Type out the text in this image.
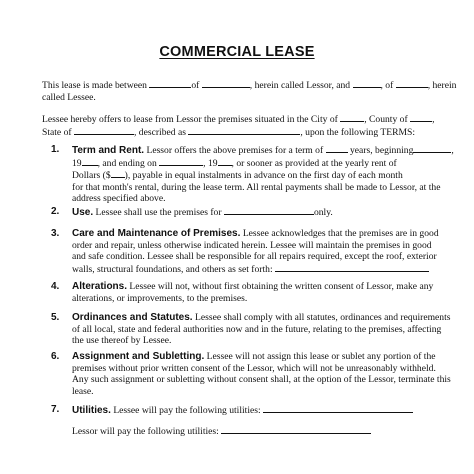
COMMERCIAL LEASE
This lease is made between	of	, herein called Lessor, and	, of	, herein
called Lessee.
Lessee hereby offers to lease from Lessor the premises situated in the City of	, County of	,
State of	, described as	, upon the following TERMS:
1. Term and Rent. Lessor offers the above premises for a term of	years, beginning	,
19 , and ending on	, 19 , or sooner as provided at the yearly rent of
Dollars ($ ), payable in equal instalments in advance on the first day of each month
for that month's rental, during the lease term. All rental payments shall be made to Lessor, at the
address specified above.
2. Use. Lessee shall use the premises for	only.
3. Care and Maintenance of Premises. Lessee acknowledges that the premises are in good
order and repair, unless otherwise indicated herein. Lessee will maintain the premises in good
and safe condition. Lessee shall be responsible for all repairs required, except the roof, exterior
walls, structural foundations, and others as set forth:
4. Alterations. Lessee will not, without first obtaining the written consent of Lessor, make any
alterations, or improvements, to the premises.
5. Ordinances and Statutes. Lessee shall comply with all statutes, ordinances and requirements
of all local, state and federal authorities now and in the future, relating to the premises, affecting
the use thereof by Lessee.
6. Assignment and Subletting. Lessee will not assign this lease or sublet any portion of the
premises without prior written consent of the Lessor, which will not be unreasonably withheld.
Any such assignment or subletting without consent shall, at the option of the Lessor, terminate this
lease.
7. Utilities. Lessee will pay the following utilities:
Lessor will pay the following utilities:
